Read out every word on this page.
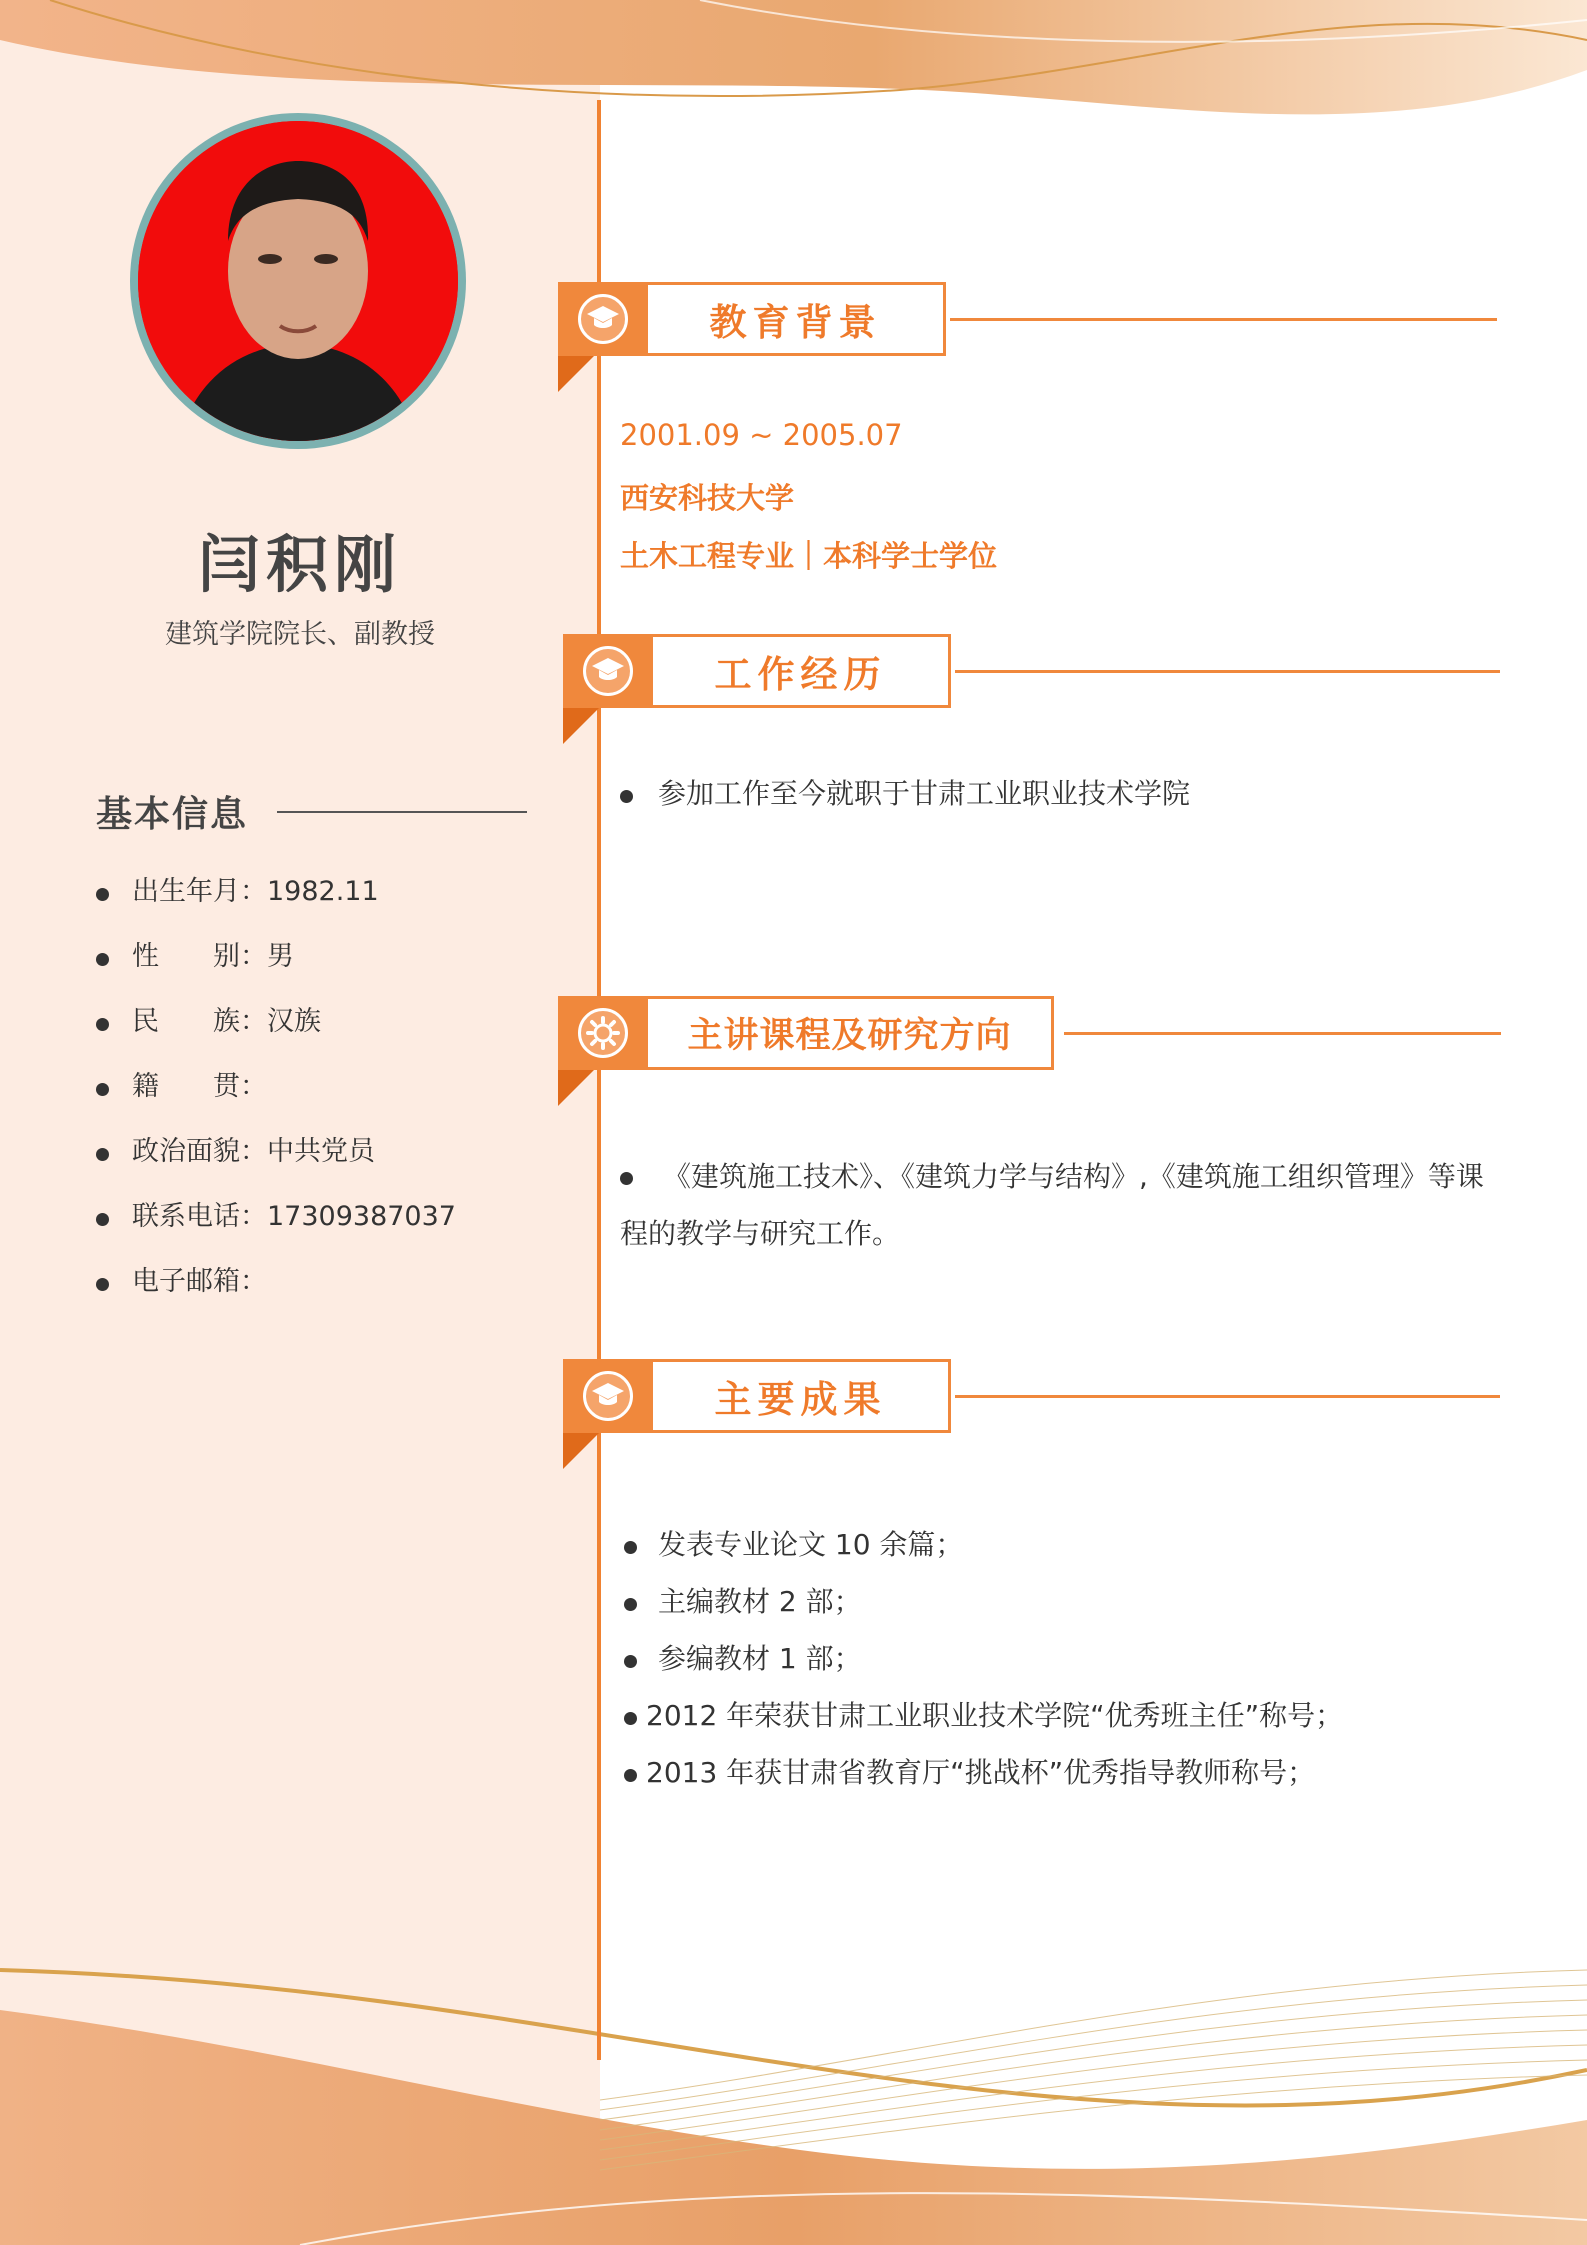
闫积刚
建筑学院院长、副教授
基本信息
出生年月：1982.11
性　　别：男
民　　族：汉族
籍　　贯：
政治面貌：中共党员
联系电话：17309387037
电子邮箱：
教育背景
2001.09 ~ 2005.07
西安科技大学
土木工程专业｜本科学士学位
工作经历
参加工作至今就职于甘肃工业职业技术学院
主讲课程及研究方向
《建筑施工技术》、《建筑力学与结构》,《建筑施工组织管理》等课程的教学与研究工作。
主要成果
发表专业论文 10 余篇；
主编教材 2 部；
参编教材 1 部；
2012 年荣获甘肃工业职业技术学院“优秀班主任”称号；
2013 年获甘肃省教育厅“挑战杯”优秀指导教师称号；
